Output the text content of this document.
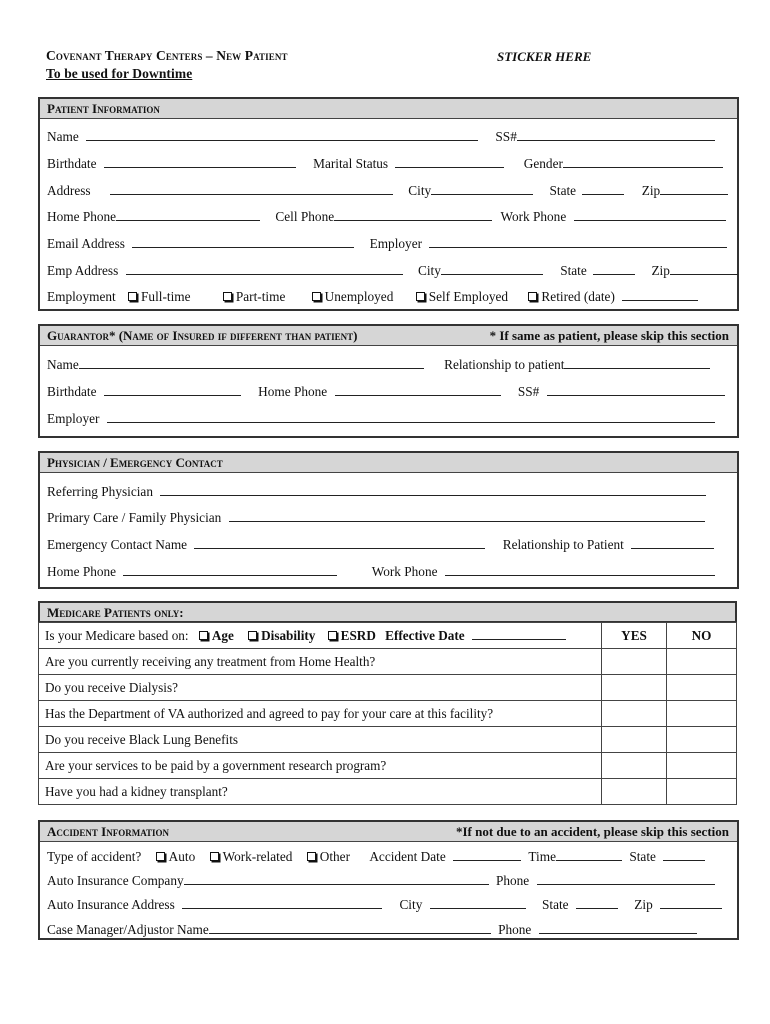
Covenant Therapy Centers – New Patient
To be used for Downtime
STICKER HERE
Patient Information
Name	SS#
Birthdate	Marital Status	Gender
Address	City	State	Zip
Home Phone	Cell Phone	Work Phone
Email Address	Employer
Emp Address	City	State	Zip
Employment Full-time	Part-time	Unemployed	Self Employed	Retired (date)
Guarantor* (Name of Insured if different than patient)	* If same as patient, please skip this section
Name	Relationship to patient
Birthdate	Home Phone	SS#
Employer
Physician / Emergency Contact
Referring Physician
Primary Care / Family Physician
Emergency Contact Name	Relationship to Patient
Home Phone	Work Phone
Medicare Patients only:
Is your Medicare based on: Age Disability ESRD Effective Date	YES	NO
Are you currently receiving any treatment from Home Health?		
Do you receive Dialysis?		
Has the Department of VA authorized and agreed to pay for your care at this facility?		
Do you receive Black Lung Benefits		
Are your services to be paid by a government research program?		
Have you had a kidney transplant?		
Accident Information	*If not due to an accident, please skip this section
Type of accident? Auto Work-related Other Accident Date	Time	State
Auto Insurance Company	Phone
Auto Insurance Address	City	State	Zip
Case Manager/Adjustor Name	Phone
